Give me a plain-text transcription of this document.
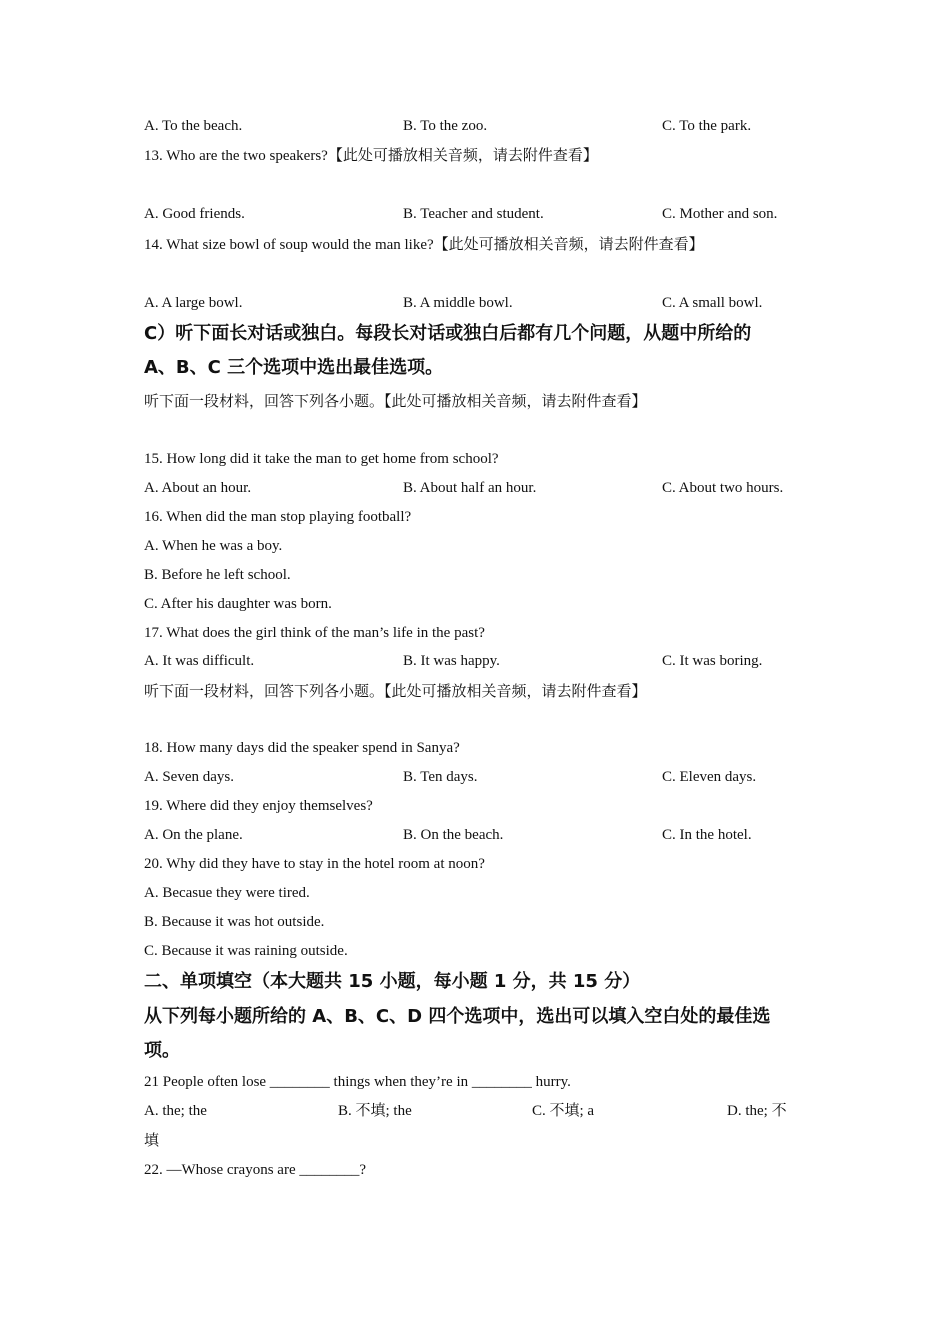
A. To the beach.	B. To the zoo.	C. To the park.
13. Who are the two speakers?【此处可播放相关音频，请去附件查看】
A. Good friends.	B. Teacher and student.	C. Mother and son.
14. What size bowl of soup would the man like?【此处可播放相关音频，请去附件查看】
A. A large bowl.	B. A middle bowl.	C. A small bowl.
C）听下面长对话或独白。每段长对话或独白后都有几个问题，从题中所给的
A、B、C 三个选项中选出最佳选项。
听下面一段材料，回答下列各小题。【此处可播放相关音频，请去附件查看】
15. How long did it take the man to get home from school?
A. About an hour.	B. About half an hour.	C. About two hours.
16. When did the man stop playing football?
A. When he was a boy.
B. Before he left school.
C. After his daughter was born.
17. What does the girl think of the man’s life in the past?
A. It was difficult.	B. It was happy.	C. It was boring.
听下面一段材料，回答下列各小题。【此处可播放相关音频，请去附件查看】
18. How many days did the speaker spend in Sanya?
A. Seven days.	B. Ten days.	C. Eleven days.
19. Where did they enjoy themselves?
A. On the plane.	B. On the beach.	C. In the hotel.
20. Why did they have to stay in the hotel room at noon?
A. Becasue they were tired.
B. Because it was hot outside.
C. Because it was raining outside.
二、单项填空（本大题共 15 小题，每小题 1 分，共 15 分）
从下列每小题所给的 A、B、C、D 四个选项中，选出可以填入空白处的最佳选
项。
21 People often lose ________ things when they’re in ________ hurry.
A. the; the	B. 不填; the	C. 不填; a	D. the; 不
填
22. —Whose crayons are ________?
